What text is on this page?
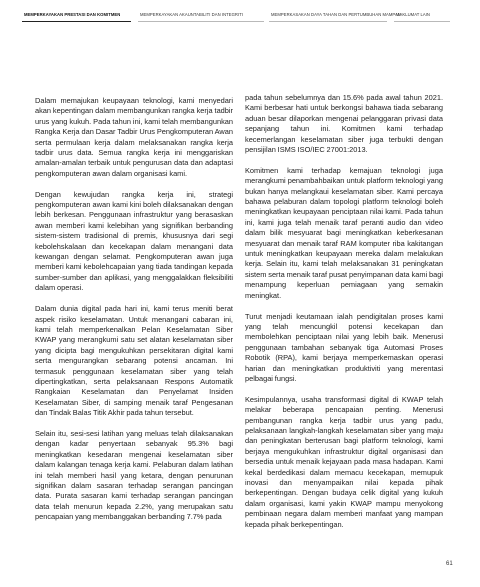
MEMPERKAYAKAN PRESTASI DAN KOMITMEN	MEMPERKAYAKAN AKAUNTABILITI DAN INTEGRITI	MEMPERKASAKAN DAYA TAHAN DAN PERTUMBUHAN MAMPAN
MAKLUMAT LAIN

Dalam memajukan keupayaan teknologi, kami menyedari akan kepentingan dalam membangunkan rangka kerja tadbir urus yang kukuh. Pada tahun ini, kami telah membangunkan Rangka Kerja dan Dasar Tadbir Urus Pengkomputeran Awan serta permulaan kerja dalam melaksanakan rangka kerja tadbir urus data. Semua rangka kerja ini menggariskan amalan-amalan terbaik untuk pengurusan data dan adaptasi pengkomputeran awan dalam organisasi kami.

Dengan kewujudan rangka kerja ini, strategi pengkomputeran awan kami kini boleh dilaksanakan dengan lebih berkesan. Penggunaan infrastruktur yang berasaskan awan memberi kami kelebihan yang signifikan berbanding sistem-sistem tradisional di premis, khususnya dari segi kebolehskalaan dan kecekapan dalam menangani data kewangan dengan selamat. Pengkomputeran awan juga memberi kami kebolehcapaian yang tiada tandingan kepada sumber-sumber dan aplikasi, yang menggalakkan fleksibiliti dalam operasi.

Dalam dunia digital pada hari ini, kami terus meniti berat aspek risiko keselamatan. Untuk menangani cabaran ini, kami telah memperkenalkan Pelan Keselamatan Siber KWAP yang merangkumi satu set alatan keselamatan siber yang dicipta bagi mengukuhkan persekitaran digital kami serta mengurangkan sebarang potensi ancaman. Ini termasuk penggunaan keselamatan siber yang telah dipertingkatkan, serta pelaksanaan Respons Automatik Rangkaian Keselamatan dan Penyelamat Insiden Keselamatan Siber, di samping menaik taraf Pengesanan dan Tindak Balas Titik Akhir pada tahun tersebut.

Selain itu, sesi-sesi latihan yang meluas telah dilaksanakan dengan kadar penyertaan sebanyak 95.3% bagi meningkatkan kesedaran mengenai keselamatan siber dalam kalangan tenaga kerja kami. Pelaburan dalam latihan ini telah memberi hasil yang ketara, dengan penurunan signifikan dalam sasaran terhadap serangan pancingan data. Purata sasaran kami terhadap serangan pancingan data telah menurun kepada 2.2%, yang merupakan satu pencapaian yang membanggakan berbanding 7.7% pada

pada tahun sebelumnya dan 15.6% pada awal tahun 2021. Kami berbesar hati untuk berkongsi bahawa tiada sebarang aduan besar dilaporkan mengenai pelanggaran privasi data sepanjang tahun ini. Komitmen kami terhadap kecemerlangan keselamatan siber juga terbukti dengan pensijilan ISMS ISO/IEC 27001:2013.

Komitmen kami terhadap kemajuan teknologi juga merangkumi penambahbaikan untuk platform teknologi yang bukan hanya melangkaui keselamatan siber. Kami percaya bahawa pelaburan dalam topologi platform teknologi boleh meningkatkan keupayaan penciptaan nilai kami. Pada tahun ini, kami juga telah menaik taraf peranti audio dan video dalam bilik mesyuarat bagi meningkatkan keberkesanan mesyuarat dan menaik taraf RAM komputer riba kakitangan untuk meningkatkan keupayaan mereka dalam melakukan kerja. Selain itu, kami telah melaksanakan 31 peningkatan sistem serta menaik taraf pusat penyimpanan data kami bagi menampung keperluan pemiagaan yang semakin meningkat.

Turut menjadi keutamaan ialah pendigitalan proses kami yang telah mencungkil potensi kecekapan dan membolehkan penciptaan nilai yang lebih baik. Menerusi penggunaan tambahan sebanyak tiga Automasi Proses Robotik (RPA), kami berjaya memperkemaskan operasi harian dan meningkatkan produktiviti yang merentasi pelbagai fungsi.

Kesimpulannya, usaha transformasi digital di KWAP telah melakar beberapa pencapaian penting. Menerusi pembangunan rangka kerja tadbir urus yang padu, pelaksanaan langkah-langkah keselamatan siber yang maju dan peningkatan berterusan bagi platform teknologi, kami berjaya mengukuhkan infrastruktur digital organisasi dan bersedia untuk menaik kejayaan pada masa hadapan. Kami kekal berdedikasi dalam memacu kecekapan, memupuk inovasi dan menyampaikan nilai kepada pihak berkepentingan. Dengan budaya celik digital yang kukuh dalam organisasi, kami yakin KWAP mampu menyokong pembinaan negara dalam memberi manfaat yang mampan kepada pihak berkepentingan.

61
